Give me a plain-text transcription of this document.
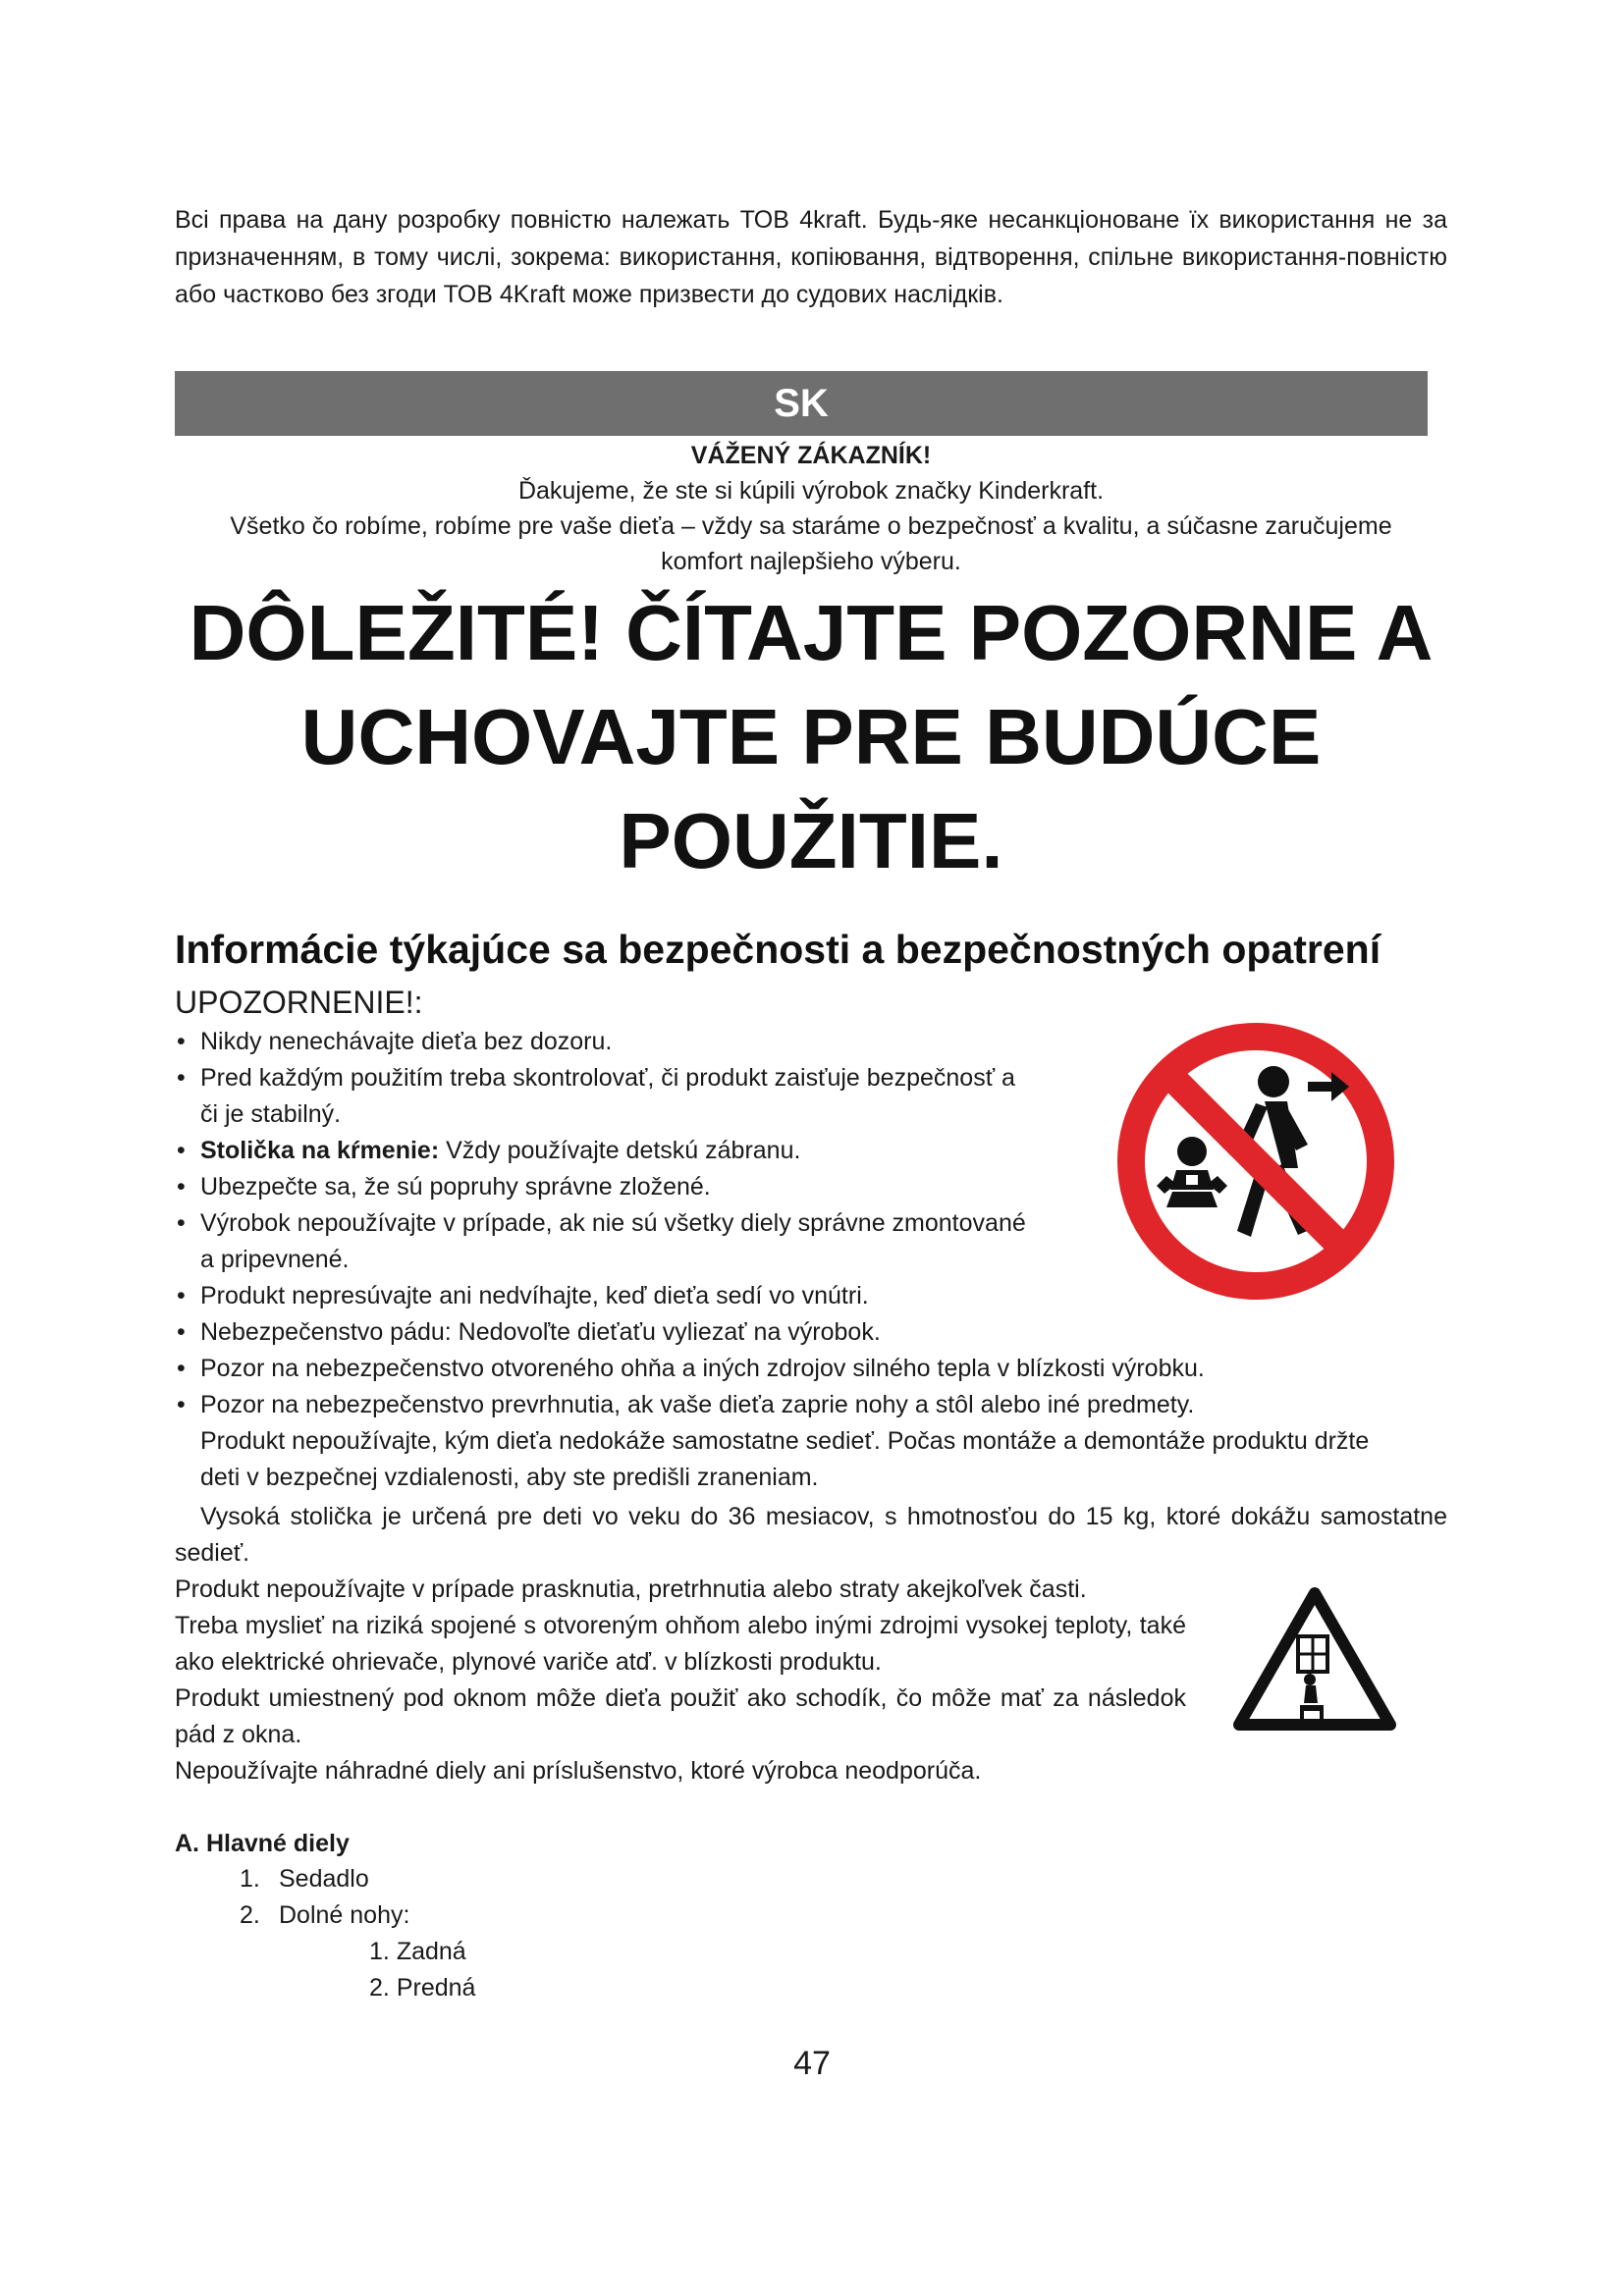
Всі права на дану розробку повністю належать ТОВ 4kraft. Будь-яке несанкціоноване їх використання не за призначенням, в тому числі, зокрема: використання, копіювання, відтворення, спільне використання-повністю або частково без згоди ТОВ 4Kraft може призвести до судових наслідків.
SK
VÁŽENÝ ZÁKAZNÍK!
Ďakujeme, že ste si kúpili výrobok značky Kinderkraft.
Všetko čo robíme, robíme pre vaše dieťa – vždy sa staráme o bezpečnosť a kvalitu, a súčasne zaručujeme
komfort najlepšieho výberu.
DÔLEŽITÉ! ČÍTAJTE POZORNE A
UCHOVAJTE PRE BUDÚCE
POUŽITIE.
Informácie týkajúce sa bezpečnosti a bezpečnostných opatrení
UPOZORNENIE!:
• Nikdy nenechávajte dieťa bez dozoru.
• Pred každým použitím treba skontrolovať, či produkt zaisťuje bezpečnosť a
či je stabilný.
• Stolička na kŕmenie: Vždy používajte detskú zábranu.
• Ubezpečte sa, že sú popruhy správne zložené.
• Výrobok nepoužívajte v prípade, ak nie sú všetky diely správne zmontované
a pripevnené.
• Produkt nepresúvajte ani nedvíhajte, keď dieťa sedí vo vnútri.
• Nebezpečenstvo pádu: Nedovoľte dieťaťu vyliezať na výrobok.
• Pozor na nebezpečenstvo otvoreného ohňa a iných zdrojov silného tepla v blízkosti výrobku.
• Pozor na nebezpečenstvo prevrhnutia, ak vaše dieťa zaprie nohy a stôl alebo iné predmety.
Produkt nepoužívajte, kým dieťa nedokáže samostatne sedieť. Počas montáže a demontáže produktu držte
deti v bezpečnej vzdialenosti, aby ste predišli zraneniam.
Vysoká stolička je určená pre deti vo veku do 36 mesiacov, s hmotnosťou do 15 kg, ktoré dokážu samostatne sedieť.
Produkt nepoužívajte v prípade prasknutia, pretrhnutia alebo straty akejkoľvek časti.
Treba myslieť na riziká spojené s otvoreným ohňom alebo inými zdrojmi vysokej teploty, také ako elektrické ohrievače, plynové variče atď. v blízkosti produktu.
Produkt umiestnený pod oknom môže dieťa použiť ako schodík, čo môže mať za následok pád z okna.
Nepoužívajte náhradné diely ani príslušenstvo, ktoré výrobca neodporúča.
A. Hlavné diely
1. Sedadlo
2. Dolné nohy:
1. Zadná
2. Predná
47
